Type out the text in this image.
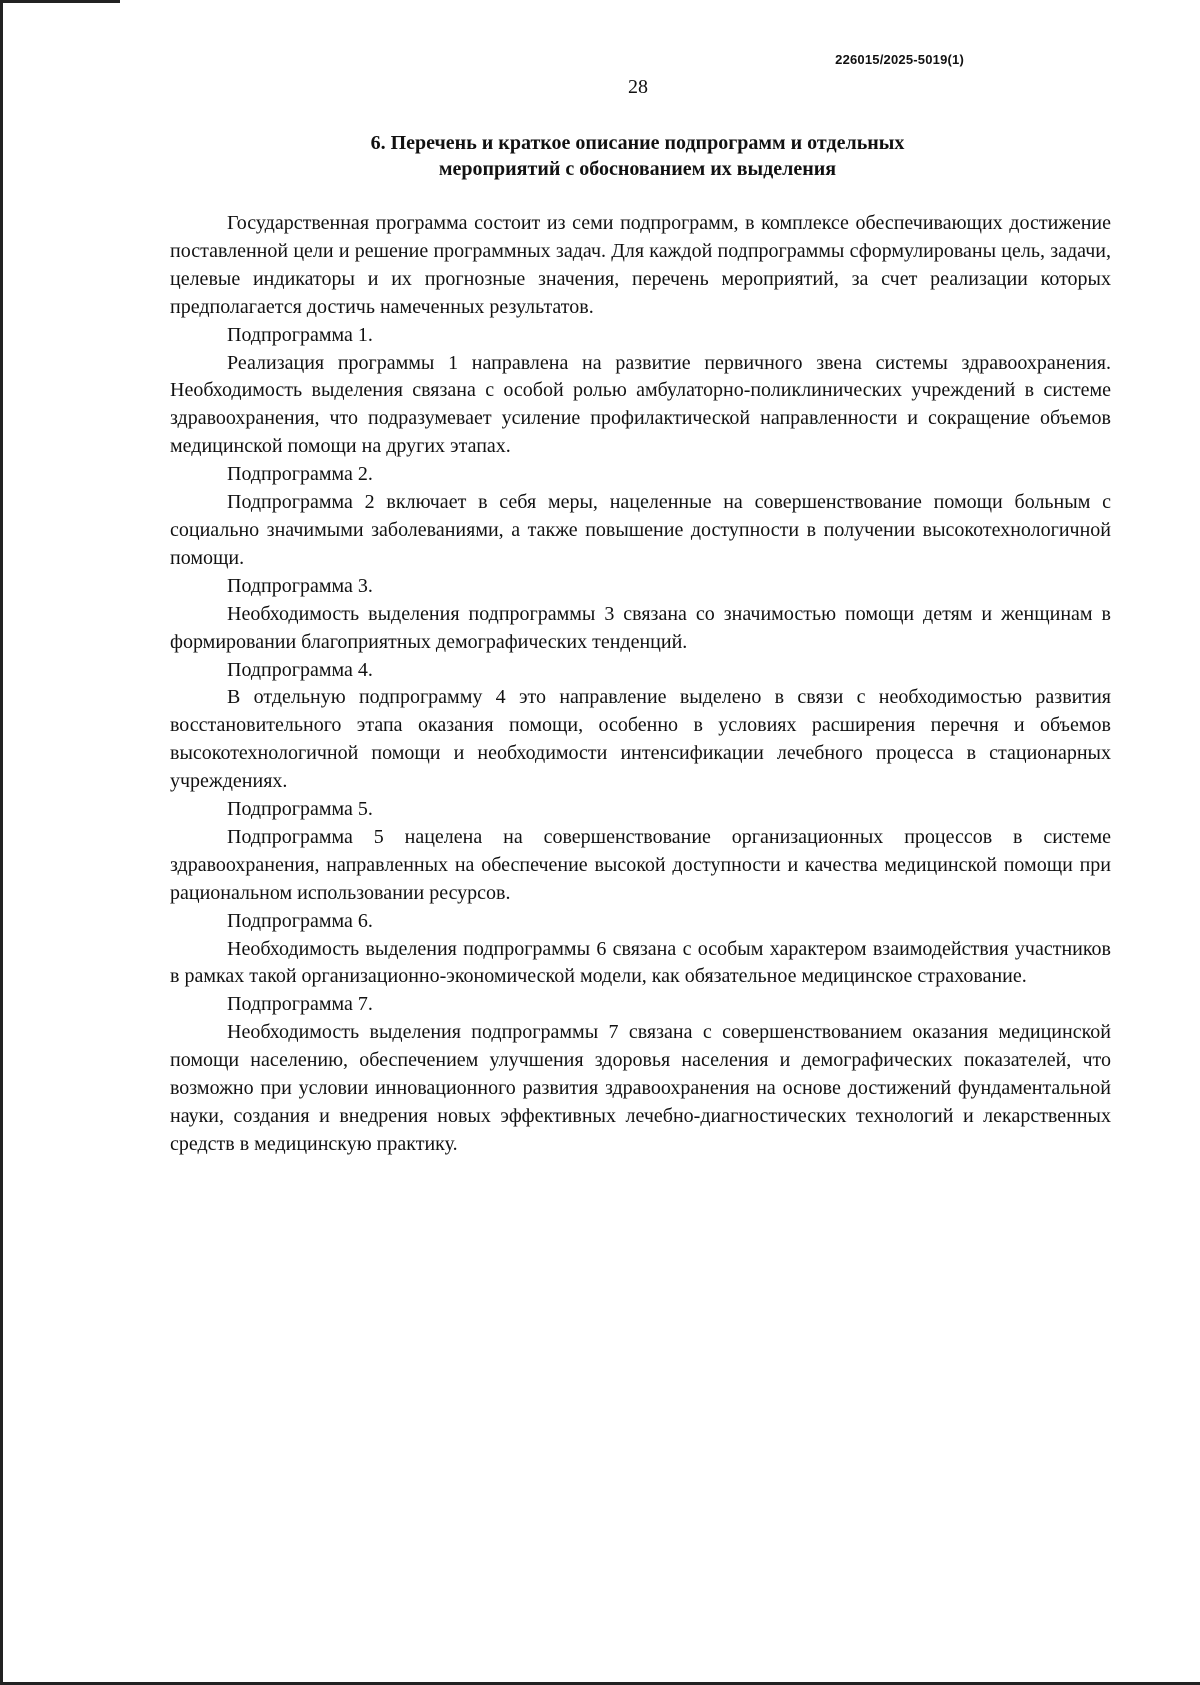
226015/2025-5019(1)
28
6. Перечень и краткое описание подпрограмм и отдельных
мероприятий с обоснованием их выделения

Государственная программа состоит из семи подпрограмм, в комплексе обеспечивающих достижение поставленной цели и решение программных задач. Для каждой подпрограммы сформулированы цель, задачи, целевые индикаторы и их прогнозные значения, перечень мероприятий, за счет реализации которых предполагается достичь намеченных результатов.

Подпрограмма 1.

Реализация программы 1 направлена на развитие первичного звена системы здравоохранения. Необходимость выделения связана с особой ролью амбулаторно-поликлинических учреждений в системе здравоохранения, что подразумевает усиление профилактической направленности и сокращение объемов медицинской помощи на других этапах.

Подпрограмма 2.

Подпрограмма 2 включает в себя меры, нацеленные на совершенствование помощи больным с социально значимыми заболеваниями, а также повышение доступности в получении высокотехнологичной помощи.

Подпрограмма 3.

Необходимость выделения подпрограммы 3 связана со значимостью помощи детям и женщинам в формировании благоприятных демографических тенденций.

Подпрограмма 4.

В отдельную подпрограмму 4 это направление выделено в связи с необходимостью развития восстановительного этапа оказания помощи, особенно в условиях расширения перечня и объемов высокотехнологичной помощи и необходимости интенсификации лечебного процесса в стационарных учреждениях.

Подпрограмма 5.

Подпрограмма 5 нацелена на совершенствование организационных процессов в системе здравоохранения, направленных на обеспечение высокой доступности и качества медицинской помощи при рациональном использовании ресурсов.

Подпрограмма 6.

Необходимость выделения подпрограммы 6 связана с особым характером взаимодействия участников в рамках такой организационно-экономической модели, как обязательное медицинское страхование.

Подпрограмма 7.

Необходимость выделения подпрограммы 7 связана с совершенствованием оказания медицинской помощи населению, обеспечением улучшения здоровья населения и демографических показателей, что возможно при условии инновационного развития здравоохранения на основе достижений фундаментальной науки, создания и внедрения новых эффективных лечебно-диагностических технологий и лекарственных средств в медицинскую практику.
